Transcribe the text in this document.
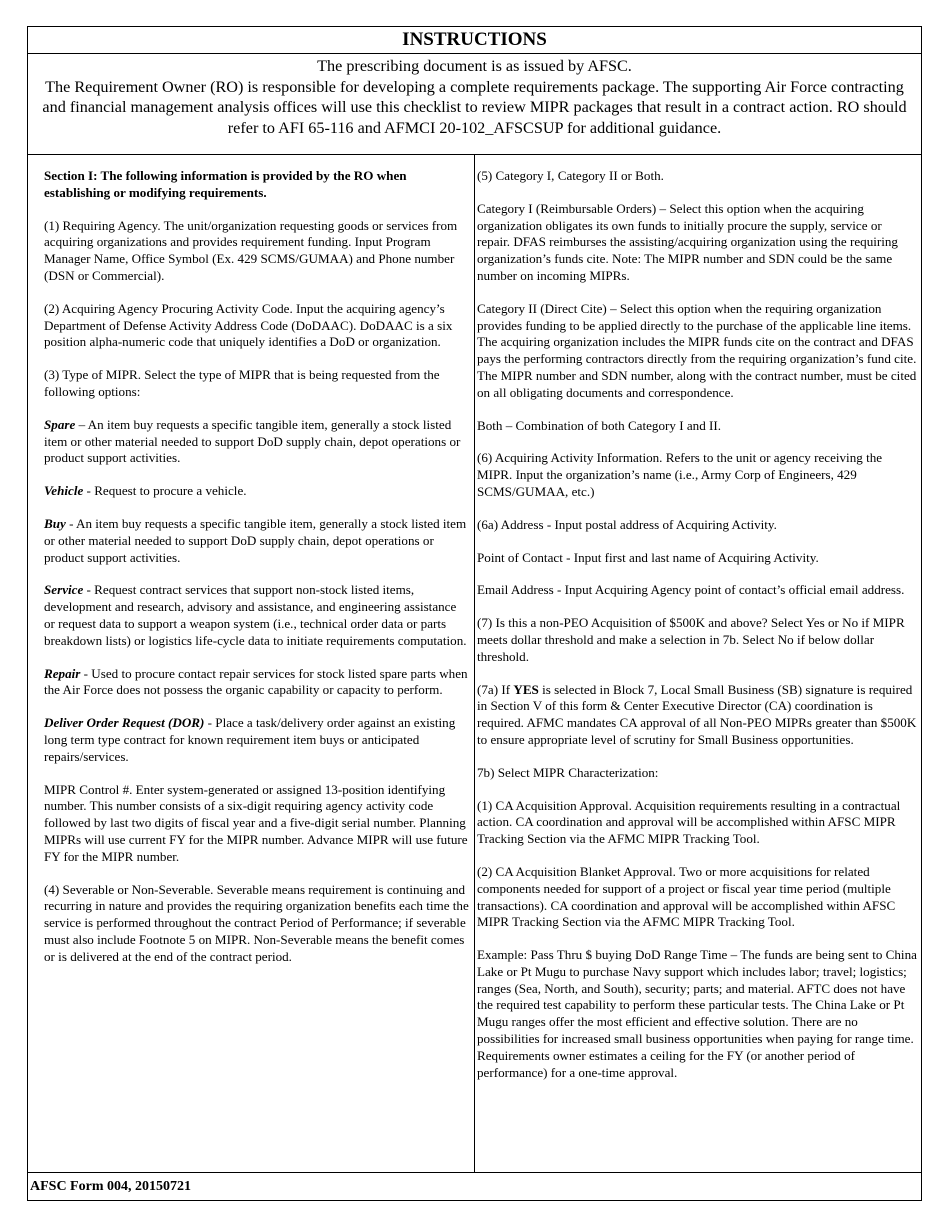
INSTRUCTIONS

The prescribing document is as issued by AFSC.

The Requirement Owner (RO) is responsible for developing a complete requirements package. The supporting Air Force contracting and financial management analysis offices will use this checklist to review MIPR packages that result in a contract action. RO should refer to AFI 65-116 and AFMCI 20-102_AFSCSUP for additional guidance.

Section I: The following information is provided by the RO when establishing or modifying requirements.

(1) Requiring Agency. The unit/organization requesting goods or services from acquiring organizations and provides requirement funding. Input Program Manager Name, Office Symbol (Ex. 429 SCMS/GUMAA) and Phone number (DSN or Commercial).

(2) Acquiring Agency Procuring Activity Code. Input the acquiring agency’s Department of Defense Activity Address Code (DoDAAC). DoDAAC is a six position alpha-numeric code that uniquely identifies a DoD or organization.

(3) Type of MIPR. Select the type of MIPR that is being requested from the following options:

Spare – An item buy requests a specific tangible item, generally a stock listed item or other material needed to support DoD supply chain, depot operations or product support activities.

Vehicle - Request to procure a vehicle.

Buy - An item buy requests a specific tangible item, generally a stock listed item or other material needed to support DoD supply chain, depot operations or product support activities.

Service - Request contract services that support non-stock listed items, development and research, advisory and assistance, and engineering assistance or request data to support a weapon system (i.e., technical order data or parts breakdown lists) or logistics life-cycle data to initiate requirements computation.

Repair - Used to procure contact repair services for stock listed spare parts when the Air Force does not possess the organic capability or capacity to perform.

Deliver Order Request (DOR) - Place a task/delivery order against an existing long term type contract for known requirement item buys or anticipated repairs/services.

MIPR Control #. Enter system-generated or assigned 13-position identifying number. This number consists of a six-digit requiring agency activity code followed by last two digits of fiscal year and a five-digit serial number. Planning MIPRs will use current FY for the MIPR number. Advance MIPR will use future FY for the MIPR number.

(4) Severable or Non-Severable. Severable means requirement is continuing and recurring in nature and provides the requiring organization benefits each time the service is performed throughout the contract Period of Performance; if severable must also include Footnote 5 on MIPR. Non-Severable means the benefit comes or is delivered at the end of the contract period.

(5) Category I, Category II or Both.

Category I (Reimbursable Orders) – Select this option when the acquiring organization obligates its own funds to initially procure the supply, service or repair. DFAS reimburses the assisting/acquiring organization using the requiring organization’s funds cite. Note: The MIPR number and SDN could be the same number on incoming MIPRs.

Category II (Direct Cite) – Select this option when the requiring organization provides funding to be applied directly to the purchase of the applicable line items. The acquiring organization includes the MIPR funds cite on the contract and DFAS pays the performing contractors directly from the requiring organization’s fund cite. The MIPR number and SDN number, along with the contract number, must be cited on all obligating documents and correspondence.

Both – Combination of both Category I and II.

(6) Acquiring Activity Information. Refers to the unit or agency receiving the MIPR. Input the organization’s name (i.e., Army Corp of Engineers, 429 SCMS/GUMAA, etc.)

(6a) Address - Input postal address of Acquiring Activity.

Point of Contact - Input first and last name of Acquiring Activity.

Email Address - Input Acquiring Agency point of contact’s official email address.

(7) Is this a non-PEO Acquisition of $500K and above? Select Yes or No if MIPR meets dollar threshold and make a selection in 7b. Select No if below dollar threshold.

(7a) If YES is selected in Block 7, Local Small Business (SB) signature is required in Section V of this form & Center Executive Director (CA) coordination is required. AFMC mandates CA approval of all Non-PEO MIPRs greater than $500K to ensure appropriate level of scrutiny for Small Business opportunities.

7b) Select MIPR Characterization:

(1) CA Acquisition Approval. Acquisition requirements resulting in a contractual action. CA coordination and approval will be accomplished within AFSC MIPR Tracking Section via the AFMC MIPR Tracking Tool.

(2) CA Acquisition Blanket Approval. Two or more acquisitions for related components needed for support of a project or fiscal year time period (multiple transactions). CA coordination and approval will be accomplished within AFSC MIPR Tracking Section via the AFMC MIPR Tracking Tool.

Example: Pass Thru $ buying DoD Range Time – The funds are being sent to China Lake or Pt Mugu to purchase Navy support which includes labor; travel; logistics; ranges (Sea, North, and South), security; parts; and material. AFTC does not have the required test capability to perform these particular tests. The China Lake or Pt Mugu ranges offer the most efficient and effective solution. There are no possibilities for increased small business opportunities when paying for range time. Requirements owner estimates a ceiling for the FY (or another period of performance) for a one-time approval.

AFSC Form 004, 20150721
